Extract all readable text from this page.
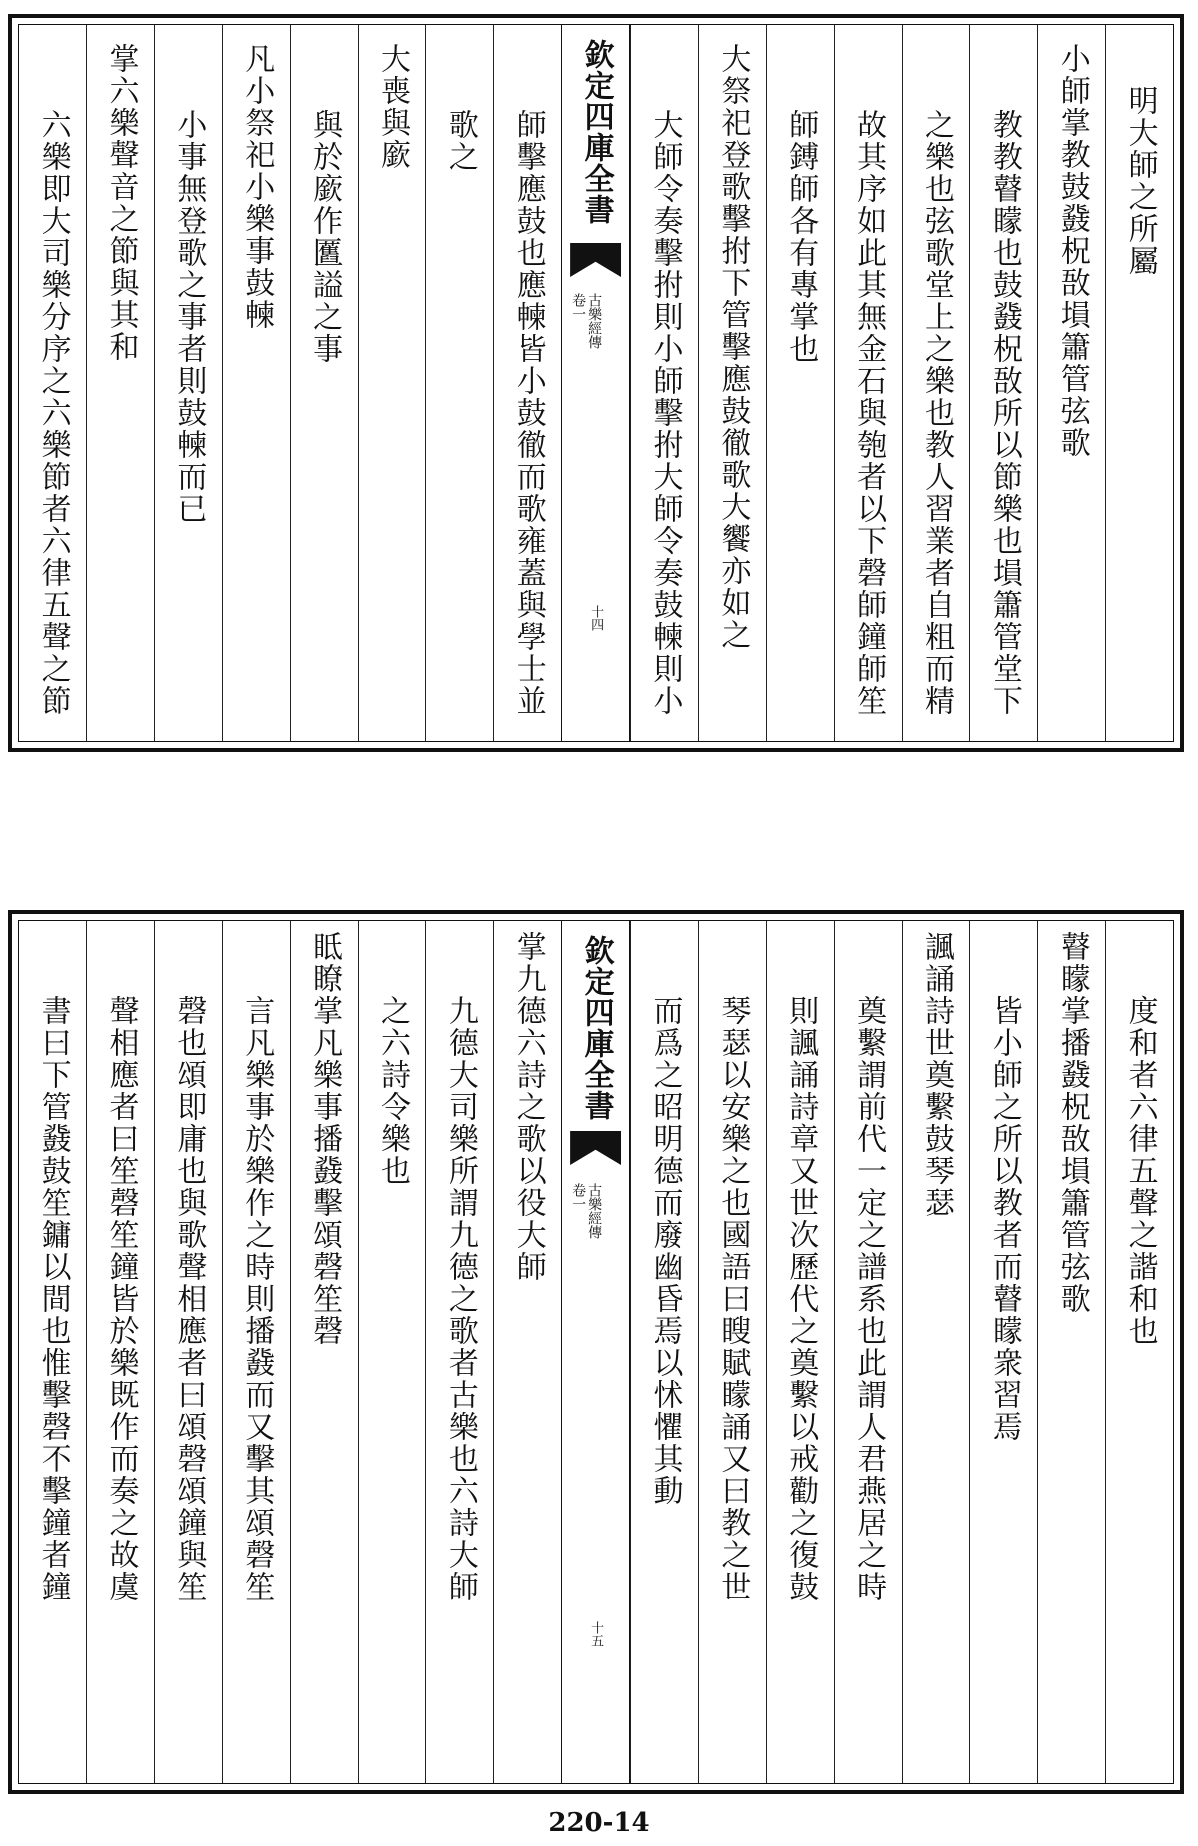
明大師之所屬
小師掌教鼓鼗柷敔塤簫管弦歌
教教瞽矇也鼓鼗柷敔所以節樂也塤簫管堂下
之樂也弦歌堂上之樂也教人習業者自粗而精
故其序如此其無金石與匏者以下磬師鐘師笙
師鎛師各有專掌也
大祭祀登歌擊拊下管擊應鼓徹歌大饗亦如之
大師令奏擊拊則小師擊拊大師令奏鼓朄則小
欽定四庫全書
古樂經傳
卷一
十四
師擊應鼓也應朄皆小鼓徹而歌雍蓋與學士並
歌之
大喪與廞
與於廞作匶謚之事
凡小祭祀小樂事鼓朄
小事無登歌之事者則鼓朄而已
掌六樂聲音之節與其和
六樂即大司樂分序之六樂節者六律五聲之節
度和者六律五聲之諧和也
瞽矇掌播鼗柷敔塤簫管弦歌
皆小師之所以教者而瞽矇衆習焉
諷誦詩世奠繫鼓琴瑟
奠繫謂前代一定之譜系也此謂人君燕居之時
則諷誦詩章又世次歷代之奠繫以戒勸之復鼓
琴瑟以安樂之也國語曰瞍賦矇誦又曰教之世
而爲之昭明德而廢幽昏焉以怵懼其動
欽定四庫全書
古樂經傳
卷一
十五
掌九德六詩之歌以役大師
九德大司樂所謂九德之歌者古樂也六詩大師
之六詩令樂也
眡瞭掌凡樂事播鼗擊頌磬笙磬
言凡樂事於樂作之時則播鼗而又擊其頌磬笙
磬也頌即庸也與歌聲相應者曰頌磬頌鐘與笙
聲相應者曰笙磬笙鐘皆於樂既作而奏之故虞
書曰下管鼗鼓笙鏞以間也惟擊磬不擊鐘者鐘
220-14
